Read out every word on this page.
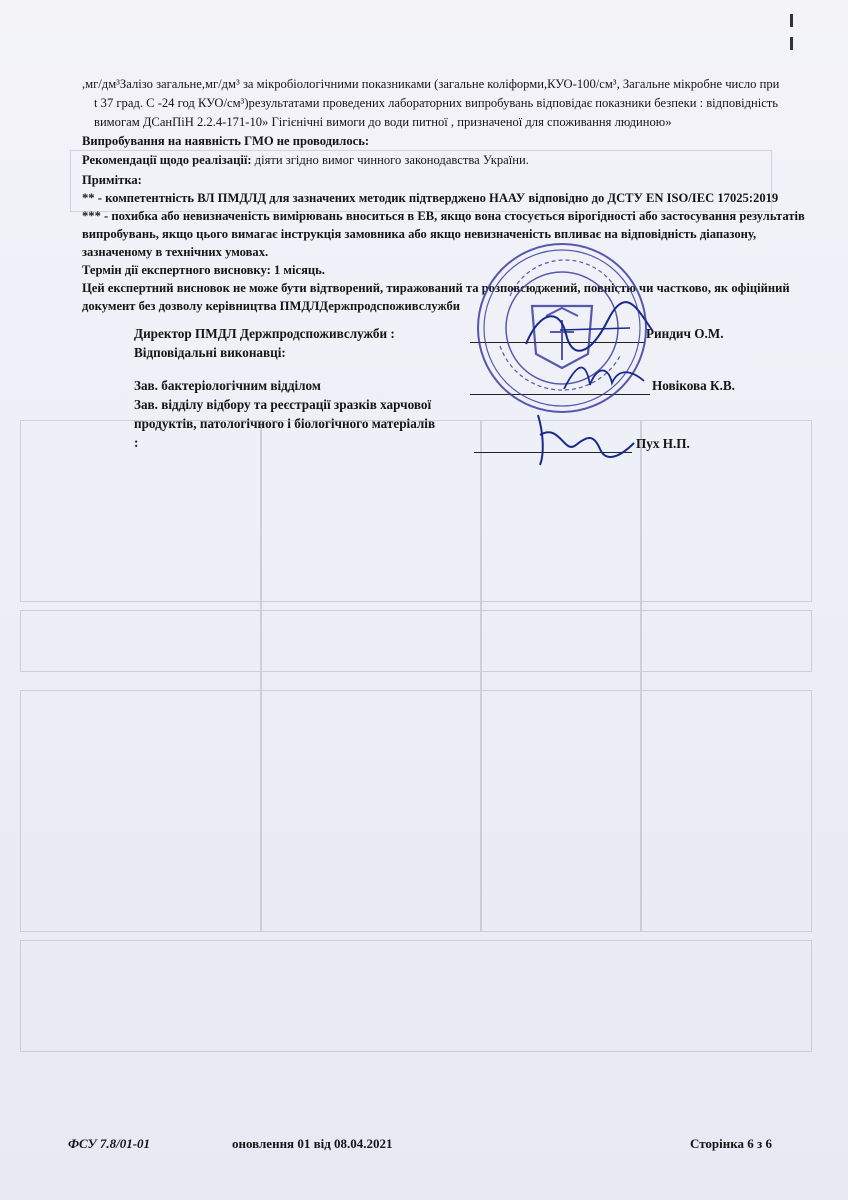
,мг/дм³Залізо загальне,мг/дм³ за мікробіологічними показниками (загальне коліформи,КУО-100/см³, Загальне мікробне число при
t 37 град. С -24 год КУО/см³)результатами проведених лабораторних випробувань відповідає показники безпеки : відповідність
вимогам ДСанПіН 2.2.4-171-10» Гігієнічні вимоги до води питної , призначеної для споживання людиною»
Випробування на наявність ГМО не проводилось:
Рекомендації щодо реалізації: діяти згідно вимог чинного законодавства України.
Примітка:
** - компетентність ВЛ ПМДЛД для зазначених методик підтверджено НААУ відповідно до ДСТУ EN ISO/IEC 17025:2019
*** - похибка або невизначеність вимірювань вноситься в ЕВ, якщо вона стосується вірогідності або застосування результатів
випробувань, якщо цього вимагає інструкція замовника або якщо невизначеність впливає на відповідність діапазону,
зазначеному в технічних умовах.
Термін дії експертного висновку: 1 місяць.
Цей експертний висновок не може бути відтворений, тиражований та розповсюджений, повністю чи частково, як офіційний
документ без дозволу керівництва ПМДЛДержпродспоживслужби
Директор ПМДЛ Держпродспоживслужби :	Риндич О.М.
Відповідальні виконавці:
Зав. бактеріологічним відділом	Новікова К.В.
Зав. відділу відбору та реєстрації зразків харчової
продуктів, патологічного і біологічного матеріалів
:	Пух Н.П.
ФСУ 7.8/01-01	оновлення 01 від 08.04.2021	Сторінка 6 з 6
